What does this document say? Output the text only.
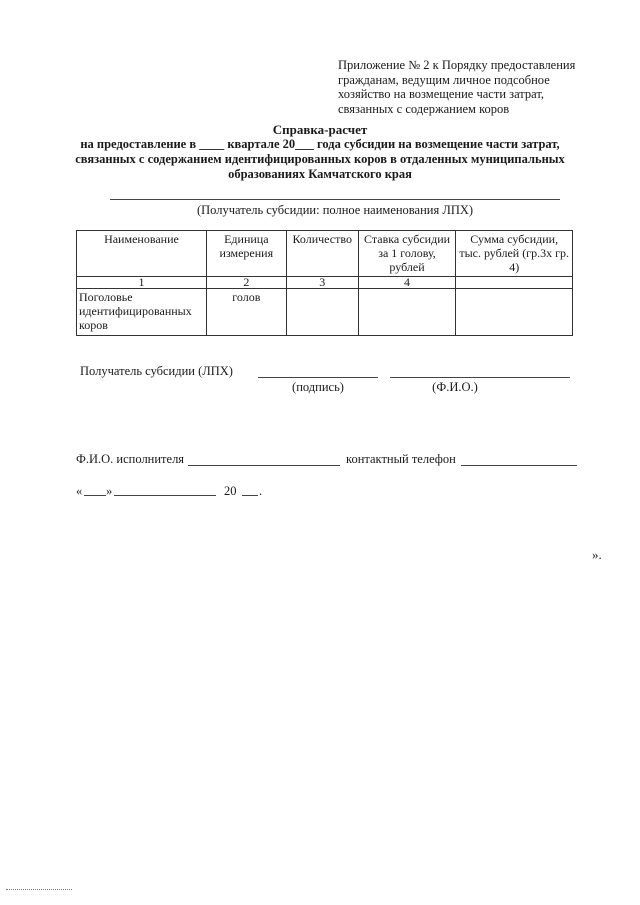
Приложение № 2 к Порядку предоставления
гражданам, ведущим личное подсобное
хозяйство на возмещение части затрат,
связанных с содержанием коров
Справка-расчет
на предоставление в ____ квартале 20___ года субсидии на возмещение части затрат,
связанных с содержанием идентифицированных коров в отдаленных муниципальных
образованиях Камчатского края
(Получатель субсидии: полное наименования ЛПХ)
Наименование	Единица измерения	Количество	Ставка субсидии за 1 голову, рублей	Сумма субсидии, тыс. рублей (гр.3х гр. 4)
1	2	3	4	
Поголовье идентифицированных коров	голов			
Получатель субсидии (ЛПХ)
(подпись)	(Ф.И.О.)
Ф.И.О. исполнителя	контактный телефон
« »	20 .
».
